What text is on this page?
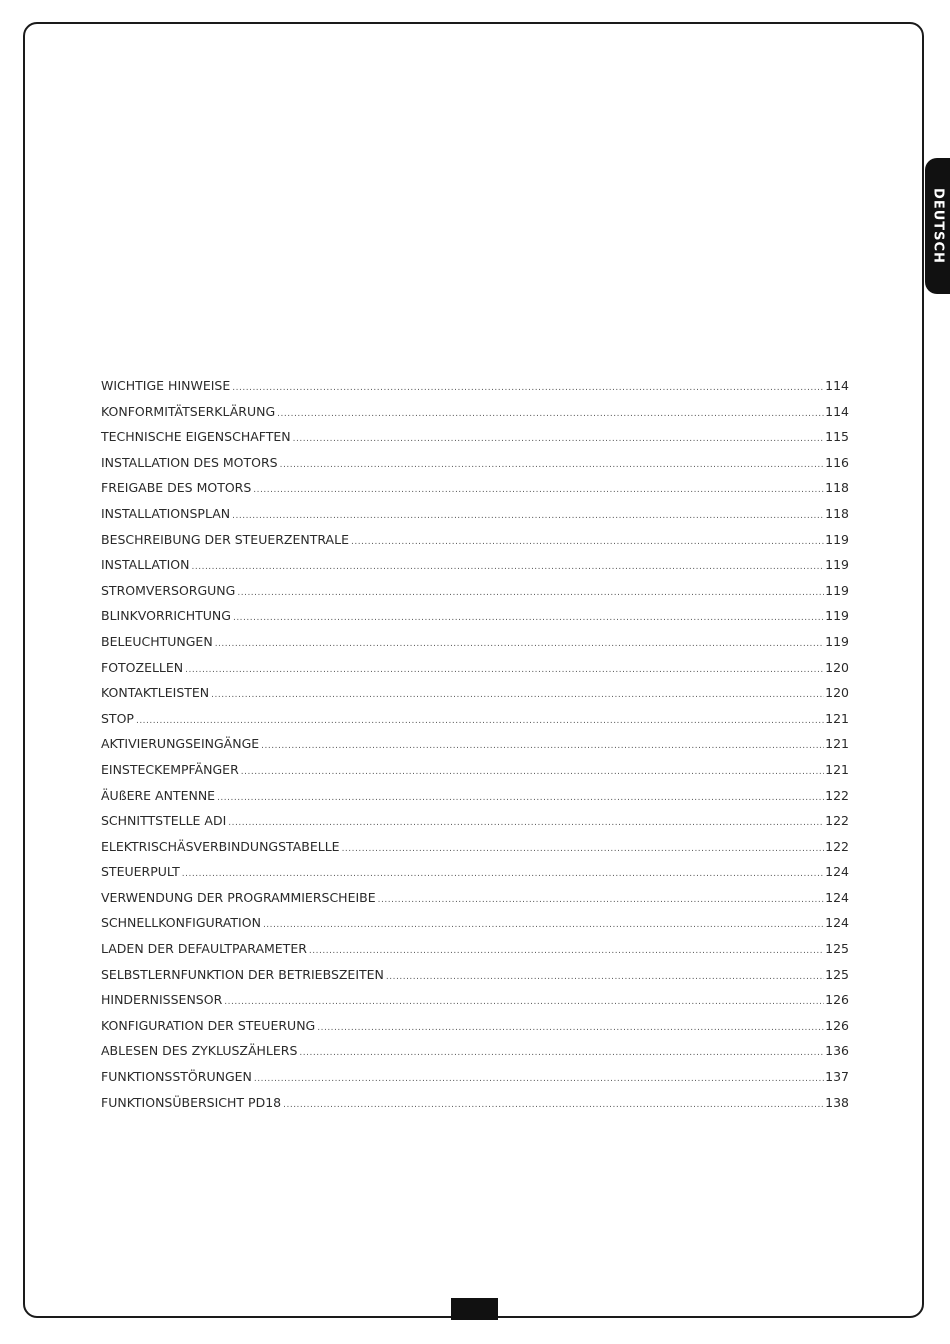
DEUTSCH
WICHTIGE HINWEISE .....	114
KONFORMITÄTSERKLÄRUNG .....	114
TECHNISCHE EIGENSCHAFTEN .....	115
INSTALLATION DES MOTORS .....	116
FREIGABE DES MOTORS .....	118
INSTALLATIONSPLAN .....	118
BESCHREIBUNG DER STEUERZENTRALE .....	119
INSTALLATION .....	119
STROMVERSORGUNG .....	119
BLINKVORRICHTUNG .....	119
BELEUCHTUNGEN .....	119
FOTOZELLEN .....	120
KONTAKTLEISTEN .....	120
STOP .....	121
AKTIVIERUNGSEINGÄNGE .....	121
EINSTECKEMPFÄNGER .....	121
ÄUßERE ANTENNE .....	122
SCHNITTSTELLE ADI .....	122
ELEKTRISCHÄSVERBINDUNGSTABELLE .....	122
STEUERPULT .....	124
VERWENDUNG DER PROGRAMMIERSCHEIBE .....	124
SCHNELLKONFIGURATION .....	124
LADEN DER DEFAULTPARAMETER .....	125
SELBSTLERNFUNKTION DER BETRIEBSZEITEN .....	125
HINDERNISSENSOR .....	126
KONFIGURATION DER STEUERUNG .....	126
ABLESEN DES ZYKLUSZÄHLERS .....	136
FUNKTIONSSTÖRUNGEN .....	137
FUNKTIONSÜBERSICHT PD18 .....	138
